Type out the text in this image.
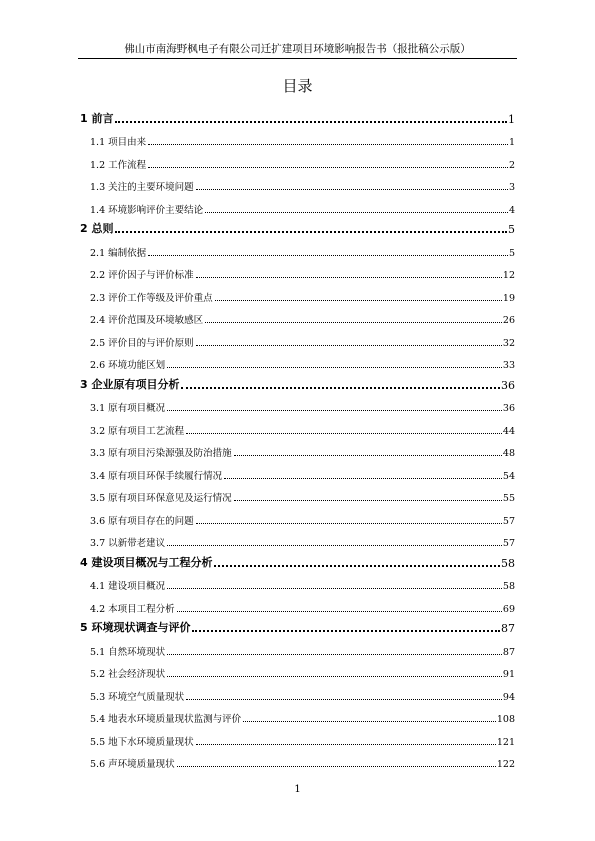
佛山市南海野枫电子有限公司迁扩建项目环境影响报告书（报批稿公示版）
目录
1 前言	1
1.1 项目由来	1
1.2 工作流程	2
1.3 关注的主要环境问题	3
1.4 环境影响评价主要结论	4
2 总则	5
2.1 编制依据	5
2.2 评价因子与评价标准	12
2.3 评价工作等级及评价重点	19
2.4 评价范围及环境敏感区	26
2.5 评价目的与评价原则	32
2.6 环境功能区划	33
3 企业原有项目分析	36
3.1 原有项目概况	36
3.2 原有项目工艺流程	44
3.3 原有项目污染源强及防治措施	48
3.4 原有项目环保手续履行情况	54
3.5 原有项目环保意见及运行情况	55
3.6 原有项目存在的问题	57
3.7 以新带老建议	57
4 建设项目概况与工程分析	58
4.1 建设项目概况	58
4.2 本项目工程分析	69
5 环境现状调查与评价	87
5.1 自然环境现状	87
5.2 社会经济现状	91
5.3 环境空气质量现状	94
5.4 地表水环境质量现状监测与评价	108
5.5 地下水环境质量现状	121
5.6 声环境质量现状	122
1
